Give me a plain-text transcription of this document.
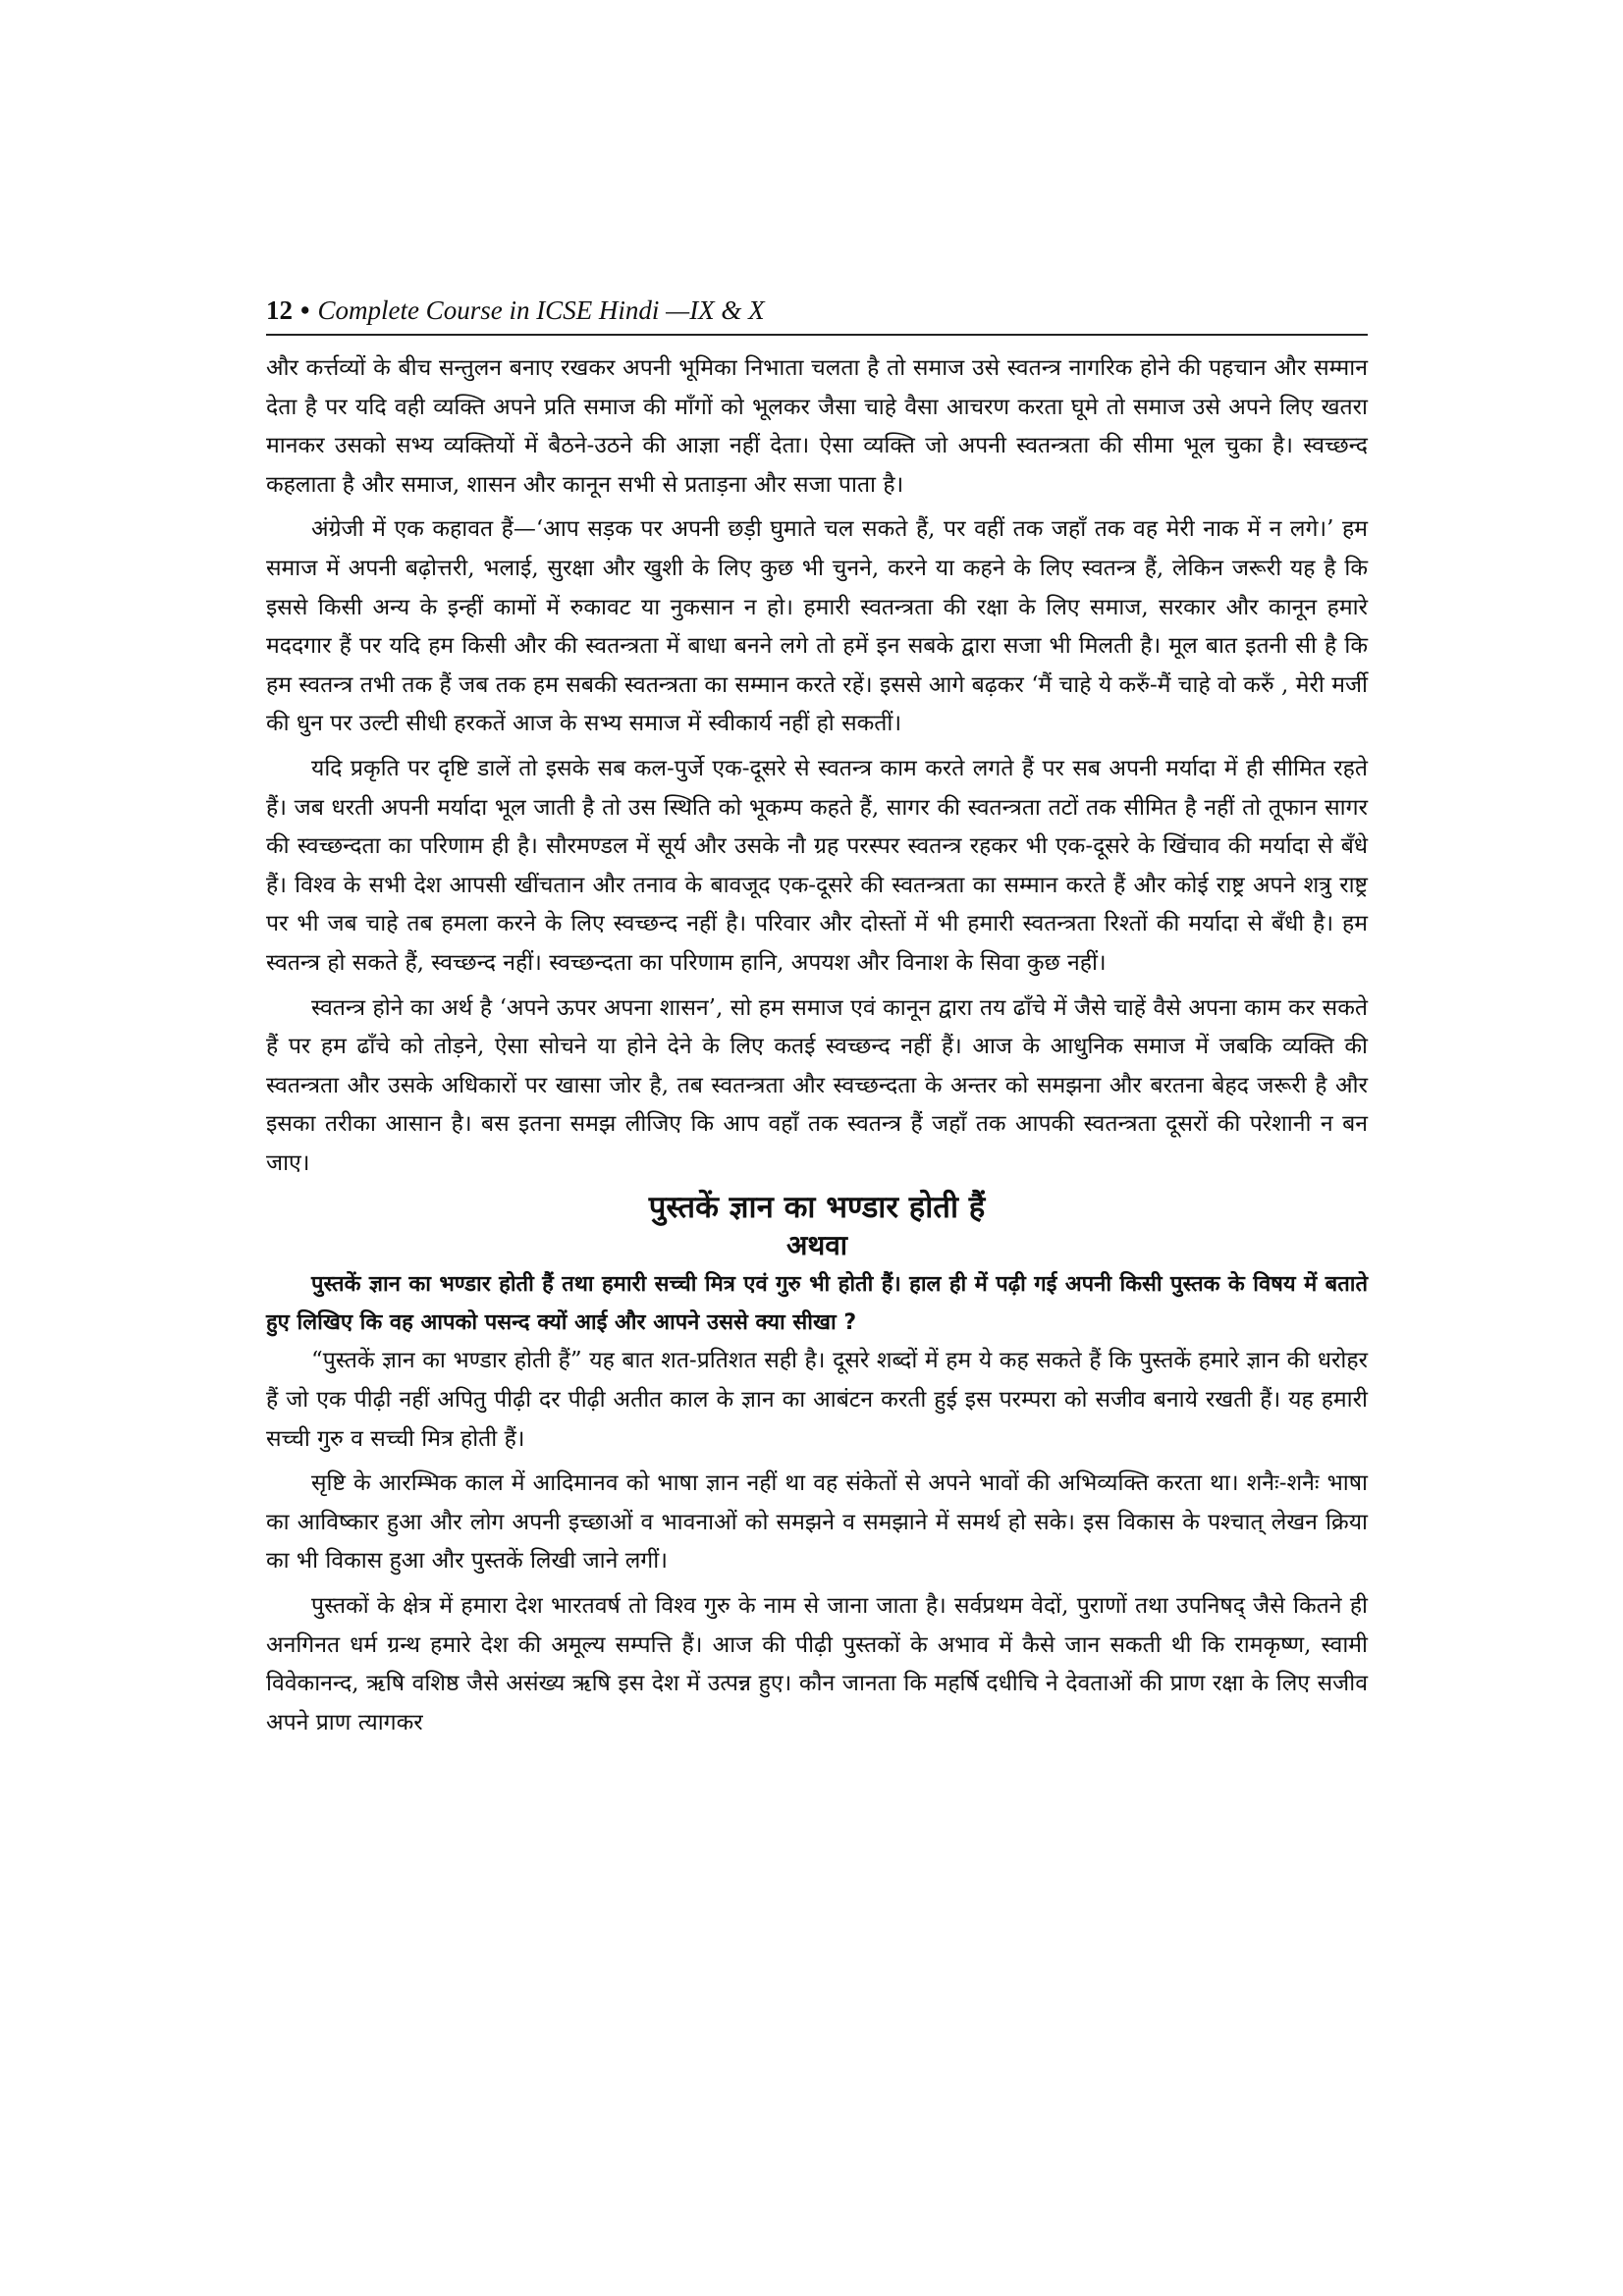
12 • Complete Course in ICSE Hindi —IX & X

और कर्त्तव्यों के बीच सन्तुलन बनाए रखकर अपनी भूमिका निभाता चलता है तो समाज उसे स्वतन्त्र नागरिक होने की पहचान और सम्मान देता है पर यदि वही व्यक्ति अपने प्रति समाज की माँगों को भूलकर जैसा चाहे वैसा आचरण करता घूमे तो समाज उसे अपने लिए खतरा मानकर उसको सभ्य व्यक्तियों में बैठने-उठने की आज्ञा नहीं देता। ऐसा व्यक्ति जो अपनी स्वतन्त्रता की सीमा भूल चुका है। स्वच्छन्द कहलाता है और समाज, शासन और कानून सभी से प्रताड़ना और सजा पाता है।

अंग्रेजी में एक कहावत हैं—‘आप सड़क पर अपनी छड़ी घुमाते चल सकते हैं, पर वहीं तक जहाँ तक वह मेरी नाक में न लगे।’ हम समाज में अपनी बढ़ोत्तरी, भलाई, सुरक्षा और खुशी के लिए कुछ भी चुनने, करने या कहने के लिए स्वतन्त्र हैं, लेकिन जरूरी यह है कि इससे किसी अन्य के इन्हीं कामों में रुकावट या नुकसान न हो। हमारी स्वतन्त्रता की रक्षा के लिए समाज, सरकार और कानून हमारे मददगार हैं पर यदि हम किसी और की स्वतन्त्रता में बाधा बनने लगे तो हमें इन सबके द्वारा सजा भी मिलती है। मूल बात इतनी सी है कि हम स्वतन्त्र तभी तक हैं जब तक हम सबकी स्वतन्त्रता का सम्मान करते रहें। इससे आगे बढ़कर ‘मैं चाहे ये करुँ-मैं चाहे वो करुँ , मेरी मर्जी की धुन पर उल्टी सीधी हरकतें आज के सभ्य समाज में स्वीकार्य नहीं हो सकतीं।

यदि प्रकृति पर दृष्टि डालें तो इसके सब कल-पुर्जे एक-दूसरे से स्वतन्त्र काम करते लगते हैं पर सब अपनी मर्यादा में ही सीमित रहते हैं। जब धरती अपनी मर्यादा भूल जाती है तो उस स्थिति को भूकम्प कहते हैं, सागर की स्वतन्त्रता तटों तक सीमित है नहीं तो तूफान सागर की स्वच्छन्दता का परिणाम ही है। सौरमण्डल में सूर्य और उसके नौ ग्रह परस्पर स्वतन्त्र रहकर भी एक-दूसरे के खिंचाव की मर्यादा से बँधे हैं। विश्व के सभी देश आपसी खींचतान और तनाव के बावजूद एक-दूसरे की स्वतन्त्रता का सम्मान करते हैं और कोई राष्ट्र अपने शत्रु राष्ट्र पर भी जब चाहे तब हमला करने के लिए स्वच्छन्द नहीं है। परिवार और दोस्तों में भी हमारी स्वतन्त्रता रिश्तों की मर्यादा से बँधी है। हम स्वतन्त्र हो सकते हैं, स्वच्छन्द नहीं। स्वच्छन्दता का परिणाम हानि, अपयश और विनाश के सिवा कुछ नहीं।

स्वतन्त्र होने का अर्थ है ‘अपने ऊपर अपना शासन’, सो हम समाज एवं कानून द्वारा तय ढाँचे में जैसे चाहें वैसे अपना काम कर सकते हैं पर हम ढाँचे को तोड़ने, ऐसा सोचने या होने देने के लिए कतई स्वच्छन्द नहीं हैं। आज के आधुनिक समाज में जबकि व्यक्ति की स्वतन्त्रता और उसके अधिकारों पर खासा जोर है, तब स्वतन्त्रता और स्वच्छन्दता के अन्तर को समझना और बरतना बेहद जरूरी है और इसका तरीका आसान है। बस इतना समझ लीजिए कि आप वहाँ तक स्वतन्त्र हैं जहाँ तक आपकी स्वतन्त्रता दूसरों की परेशानी न बन जाए।

पुस्तकें ज्ञान का भण्डार होती हैं
अथवा
पुस्तकें ज्ञान का भण्डार होती हैं तथा हमारी सच्ची मित्र एवं गुरु भी होती हैं। हाल ही में पढ़ी गई अपनी किसी पुस्तक के विषय में बताते हुए लिखिए कि वह आपको पसन्द क्यों आई और आपने उससे क्या सीखा ?

“पुस्तकें ज्ञान का भण्डार होती हैं” यह बात शत-प्रतिशत सही है। दूसरे शब्दों में हम ये कह सकते हैं कि पुस्तकें हमारे ज्ञान की धरोहर हैं जो एक पीढ़ी नहीं अपितु पीढ़ी दर पीढ़ी अतीत काल के ज्ञान का आबंटन करती हुई इस परम्परा को सजीव बनाये रखती हैं। यह हमारी सच्ची गुरु व सच्ची मित्र होती हैं।

सृष्टि के आरम्भिक काल में आदिमानव को भाषा ज्ञान नहीं था वह संकेतों से अपने भावों की अभिव्यक्ति करता था। शनैः-शनैः भाषा का आविष्कार हुआ और लोग अपनी इच्छाओं व भावनाओं को समझने व समझाने में समर्थ हो सके। इस विकास के पश्चात् लेखन क्रिया का भी विकास हुआ और पुस्तकें लिखी जाने लगीं।

पुस्तकों के क्षेत्र में हमारा देश भारतवर्ष तो विश्व गुरु के नाम से जाना जाता है। सर्वप्रथम वेदों, पुराणों तथा उपनिषद् जैसे कितने ही अनगिनत धर्म ग्रन्थ हमारे देश की अमूल्य सम्पत्ति हैं। आज की पीढ़ी पुस्तकों के अभाव में कैसे जान सकती थी कि रामकृष्ण, स्वामी विवेकानन्द, ऋषि वशिष्ठ जैसे असंख्य ऋषि इस देश में उत्पन्न हुए। कौन जानता कि महर्षि दधीचि ने देवताओं की प्राण रक्षा के लिए सजीव अपने प्राण त्यागकर
